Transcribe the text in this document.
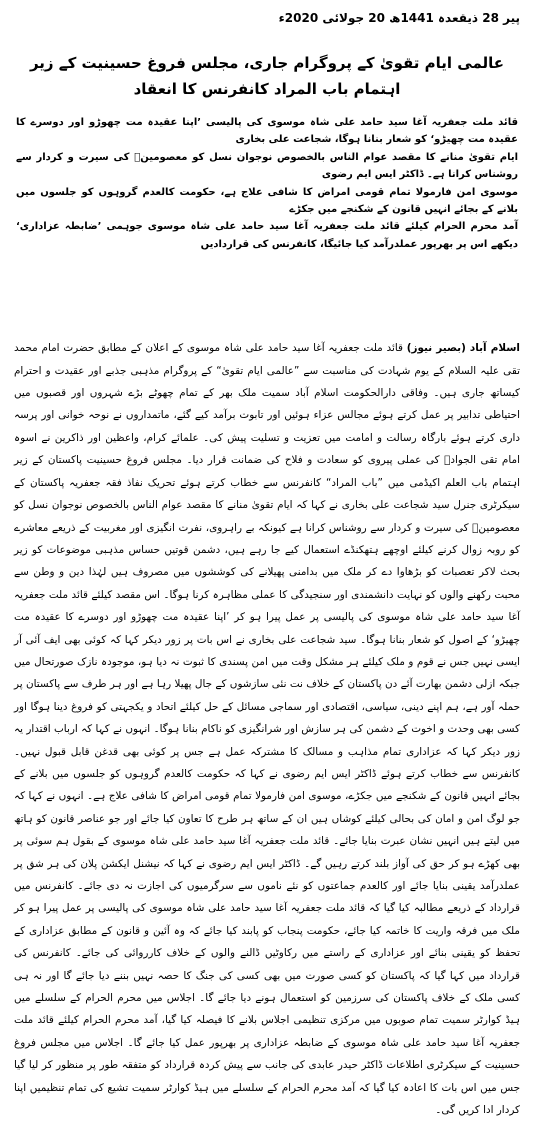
پیر 28 ذیقعدہ 1441ھ 20 جولائی 2020ء
عالمی ایام تقویٰ کے پروگرام جاری، مجلس فروغ حسینیت کے زیر اہتمام باب المراد کانفرنس کا انعقاد

قائد ملت جعفریہ آغا سید حامد علی شاہ موسوی کی پالیسی ’اپنا عقیدہ مت چھوڑو اور دوسرے کا عقیدہ مت چھیڑو‘ کو شعار بنانا ہوگا، شجاعت علی بخاری

ایام تقویٰ منانے کا مقصد عوام الناس بالخصوص نوجوان نسل کو معصومینؑ کی سیرت و کردار سے روشناس کرانا ہے۔ ڈاکٹر ایس ایم رضوی

موسوی امن فارمولا تمام قومی امراض کا شافی علاج ہے، حکومت کالعدم گروہوں کو جلسوں میں بلانے کے بجائے انہیں قانون کے شکنجے میں جکڑے

آمد محرم الحرام کیلئے قائد ملت جعفریہ آغا سید حامد علی شاہ موسوی جوہمی ’ضابطہ عزاداری‘ دیکھے اس پر بھرپور عملدرآمد کیا جائیگا، کانفرنس کی قراردادیں

اسلام آباد (بصیر نیوز) قائد ملت جعفریہ آغا سید حامد علی شاہ موسوی کے اعلان کے مطابق حضرت امام محمد تقی علیہ السلام کے یوم شہادت کی مناسبت سے ”عالمی ایام تقویٰ“ کے پروگرام مذہبی جذبے اور عقیدت و احترام کیساتھ جاری ہیں۔ وفاقی دارالحکومت اسلام آباد سمیت ملک بھر کے تمام چھوٹے بڑے شہروں اور قصبوں میں احتیاطی تدابیر پر عمل کرتے ہوئے مجالس عزاء ہوئیں اور تابوت برآمد کیے گئے، ماتمداروں نے نوحہ خوانی اور پرسہ داری کرتے ہوئے بارگاہ رسالت و امامت میں تعزیت و تسلیت پیش کی۔ علمائے کرام، واعظین اور ذاکرین نے اسوہ امام تقی الجوادؑ کی عملی پیروی کو سعادت و فلاح کی ضمانت قرار دیا۔ مجلس فروغ حسینیت پاکستان کے زیر اہتمام باب العلم اکیڈمی میں ”باب المراد“ کانفرنس سے خطاب کرتے ہوئے تحریک نفاذ فقہ جعفریہ پاکستان کے سیکرٹری جنرل سید شجاعت علی بخاری نے کہا کہ ایام تقویٰ منانے کا مقصد عوام الناس بالخصوص نوجوان نسل کو معصومینؑ کی سیرت و کردار سے روشناس کرانا ہے کیونکہ بے راہروی، نفرت انگیزی اور مغربیت کے ذریعے معاشرے کو روبہ زوال کرنے کیلئے اوچھے ہتھکنڈے استعمال کیے جا رہے ہیں، دشمن قوتیں حساس مذہبی موضوعات کو زیر بحث لاکر تعصبات کو بڑھاوا دے کر ملک میں بدامنی پھیلانے کی کوششوں میں مصروف ہیں لہٰذا دین و وطن سے محبت رکھنے والوں کو نہایت دانشمندی اور سنجیدگی کا عملی مظاہرہ کرنا ہوگا۔ اس مقصد کیلئے قائد ملت جعفریہ آغا سید حامد علی شاہ موسوی کی پالیسی پر عمل پیرا ہو کر ’اپنا عقیدہ مت چھوڑو اور دوسرے کا عقیدہ مت چھیڑو‘ کے اصول کو شعار بنانا ہوگا۔ سید شجاعت علی بخاری نے اس بات پر زور دیکر کہا کہ کوئی بھی ایف آئی آر ایسی نہیں جس نے قوم و ملک کیلئے ہر مشکل وقت میں امن پسندی کا ثبوت نہ دیا ہو، موجودہ نازک صورتحال میں جبکہ ازلی دشمن بھارت آئے دن پاکستان کے خلاف نت نئی سازشوں کے جال پھیلا رہا ہے اور ہر طرف سے پاکستان پر حملہ آور ہے، ہم اپنے دینی، سیاسی، اقتصادی اور سماجی مسائل کے حل کیلئے اتحاد و یکجہتی کو فروغ دینا ہوگا اور کسی بھی وحدت و اخوت کے دشمن کی ہر سازش اور شرانگیزی کو ناکام بنانا ہوگا۔ انہوں نے کہا کہ ارباب اقتدار یہ زور دیکر کہا کہ عزاداری تمام مذاہب و مسالک کا مشترکہ عمل ہے جس پر کوئی بھی قدغن قابل قبول نہیں۔ کانفرنس سے خطاب کرتے ہوئے ڈاکٹر ایس ایم رضوی نے کہا کہ حکومت کالعدم گروہوں کو جلسوں میں بلانے کے بجائے انہیں قانون کے شکنجے میں جکڑے، موسوی امن فارمولا تمام قومی امراض کا شافی علاج ہے۔ انہوں نے کہا کہ جو لوگ امن و امان کی بحالی کیلئے کوشاں ہیں ان کے ساتھ ہر طرح کا تعاون کیا جائے اور جو عناصر قانون کو ہاتھ میں لیتے ہیں انہیں نشان عبرت بنایا جائے۔ قائد ملت جعفریہ آغا سید حامد علی شاہ موسوی کے بقول ہم سوئی پر بھی کھڑے ہو کر حق کی آواز بلند کرتے رہیں گے۔ ڈاکٹر ایس ایم رضوی نے کہا کہ نیشنل ایکشن پلان کی ہر شق پر عملدرآمد یقینی بنایا جائے اور کالعدم جماعتوں کو نئے ناموں سے سرگرمیوں کی اجازت نہ دی جائے۔ کانفرنس میں قرارداد کے ذریعے مطالبہ کیا گیا کہ قائد ملت جعفریہ آغا سید حامد علی شاہ موسوی کی پالیسی پر عمل پیرا ہو کر ملک میں فرقہ واریت کا خاتمہ کیا جائے، حکومت پنجاب کو پابند کیا جائے کہ وہ آئین و قانون کے مطابق عزاداری کے تحفظ کو یقینی بنائے اور عزاداری کے راستے میں رکاوٹیں ڈالنے والوں کے خلاف کارروائی کی جائے۔ کانفرنس کی قرارداد میں کہا گیا کہ پاکستان کو کسی صورت میں بھی کسی کی جنگ کا حصہ نہیں بننے دیا جائے گا اور نہ ہی کسی ملک کے خلاف پاکستان کی سرزمین کو استعمال ہونے دیا جائے گا۔ اجلاس میں محرم الحرام کے سلسلے میں ہیڈ کوارٹر سمیت تمام صوبوں میں مرکزی تنظیمی اجلاس بلانے کا فیصلہ کیا گیا، آمد محرم الحرام کیلئے قائد ملت جعفریہ آغا سید حامد علی شاہ موسوی کے ضابطہ عزاداری پر بھرپور عمل کیا جائے گا۔ اجلاس میں مجلس فروغ حسینیت کے سیکرٹری اطلاعات ڈاکٹر حیدر عابدی کی جانب سے پیش کردہ قرارداد کو متفقہ طور پر منظور کر لیا گیا جس میں اس بات کا اعادہ کیا گیا کہ آمد محرم الحرام کے سلسلے میں ہیڈ کوارٹر سمیت تشیع کی تمام تنظیمیں اپنا کردار ادا کریں گی۔
